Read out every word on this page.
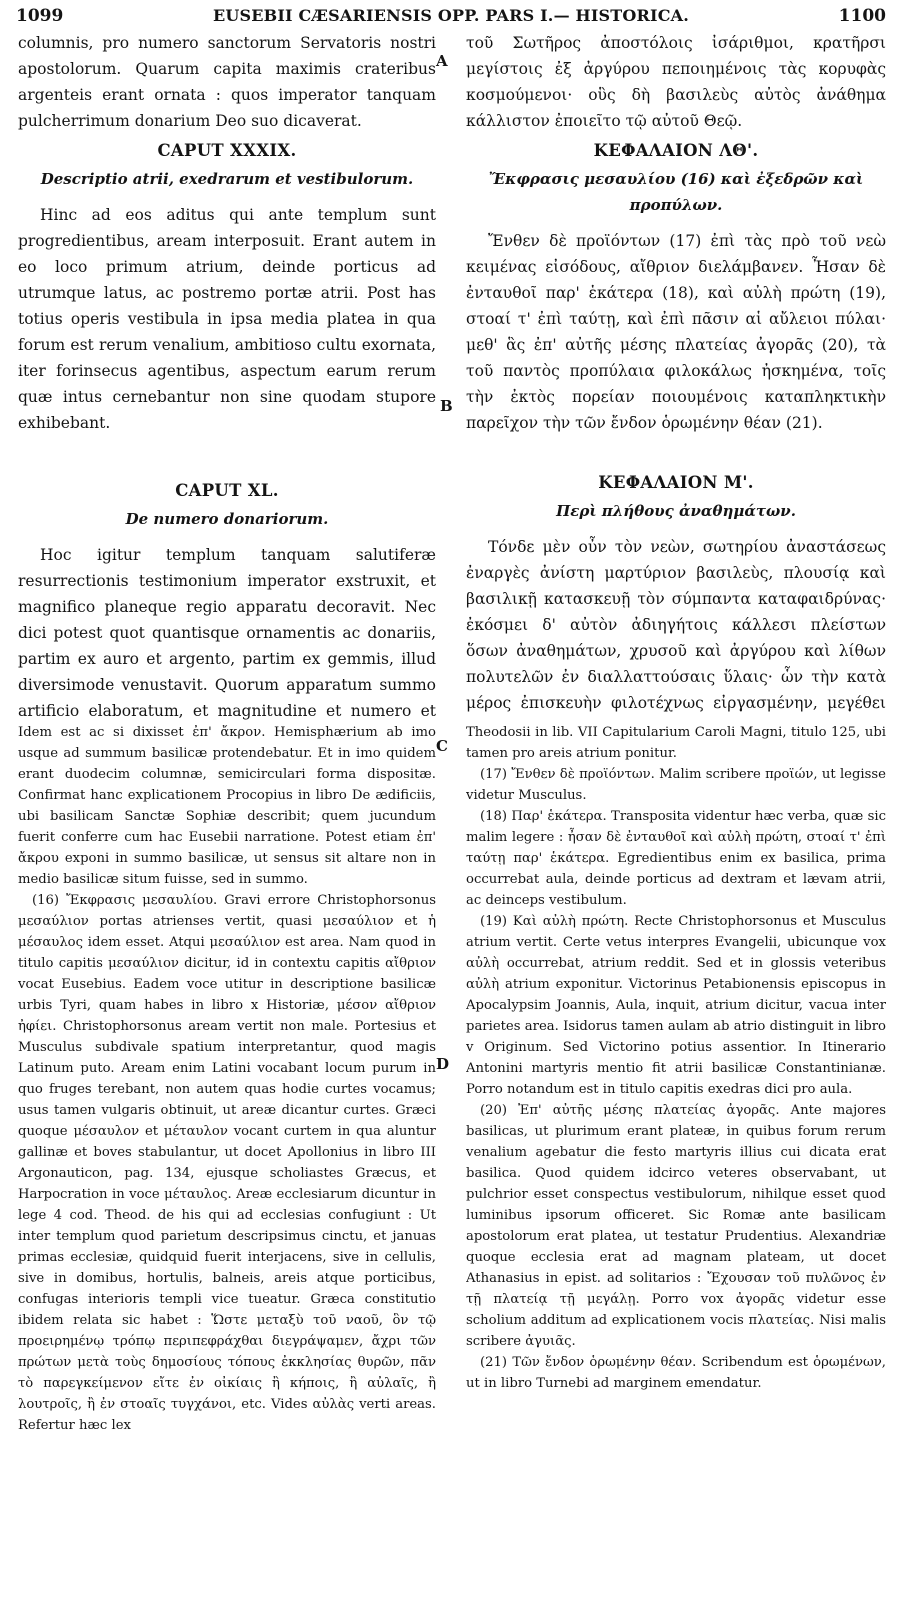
1099	EUSEBII CÆSARIENSIS OPP. PARS I.— HISTORICA.	1100

columnis, pro numero sanctorum Servatoris nostri apostolorum. Quarum capita maximis crateribus argenteis erant ornata : quos imperator tanquam pulcherrimum donarium Deo suo dicaverat.

CAPUT XXXIX.
Descriptio atrii, exedrarum et vestibulorum.

Hinc ad eos aditus qui ante templum sunt progredientibus, aream interposuit. Erant autem in eo loco primum atrium, deinde porticus ad utrumque latus, ac postremo portæ atrii. Post has totius operis vestibula in ipsa media platea in qua forum est rerum venalium, ambitioso cultu exornata, iter forinsecus agentibus, aspectum earum rerum quæ intus cernebantur non sine quodam stupore exhibebant.

CAPUT XL.
De numero donariorum.

Hoc igitur templum tanquam salutiferæ resurrectionis testimonium imperator exstruxit, et magnifico planeque regio apparatu decoravit. Nec dici potest quot quantisque ornamentis ac donariis, partim ex auro et argento, partim ex gemmis, illud diversimode venustavit. Quorum apparatum summo artificio elaboratum, et magnitudine et numero et

τοῦ Σωτῆρος ἀποστόλοις ἰσάριθμοι, κρατῆρσι μεγίστοις ἐξ ἀργύρου πεποιημένοις τὰς κορυφὰς κοσμούμενοι· οὓς δὴ βασιλεὺς αὐτὸς ἀνάθημα κάλλιστον ἐποιεῖτο τῷ αὐτοῦ Θεῷ.

ΚΕΦΑΛΑΙΟΝ ΛΘ'.
Ἔκφρασις μεσαυλίου (16) καὶ ἐξεδρῶν καὶ προπύλων.

Ἔνθεν δὲ προϊόντων (17) ἐπὶ τὰς πρὸ τοῦ νεὼ κειμένας εἰσόδους, αἴθριον διελάμβανεν. Ἦσαν δὲ ἐνταυθοῖ παρ' ἑκάτερα (18), καὶ αὐλὴ πρώτη (19), στοαί τ' ἐπὶ ταύτῃ, καὶ ἐπὶ πᾶσιν αἱ αὔλειοι πύλαι· μεθ' ἃς ἐπ' αὐτῆς μέσης πλατείας ἀγορᾶς (20), τὰ τοῦ παντὸς προπύλαια φιλοκάλως ἠσκημένα, τοῖς τὴν ἐκτὸς πορείαν ποιουμένοις καταπληκτικὴν παρεῖχον τὴν τῶν ἔνδον ὁρωμένην θέαν (21).

ΚΕΦΑΛΑΙΟΝ Μ'.
Περὶ πλήθους ἀναθημάτων.

Τόνδε μὲν οὖν τὸν νεὼν, σωτηρίου ἀναστάσεως ἐναργὲς ἀνίστη μαρτύριον βασιλεὺς, πλουσίᾳ καὶ βασιλικῇ κατασκευῇ τὸν σύμπαντα καταφαιδρύνας· ἐκόσμει δ' αὐτὸν ἀδιηγήτοις κάλλεσι πλείστων ὅσων ἀναθημάτων, χρυσοῦ καὶ ἀργύρου καὶ λίθων πολυτελῶν ἐν διαλλαττούσαις ὕλαις· ὧν τὴν κατὰ μέρος ἐπισκευὴν φιλοτέχνως εἰργασμένην, μεγέθει

A
B
C
D

Idem est ac si dixisset ἐπ' ἄκρον. Hemisphærium ab imo usque ad summum basilicæ protendebatur. Et in imo quidem erant duodecim columnæ, semicirculari forma dispositæ. Confirmat hanc explicationem Procopius in libro De ædificiis, ubi basilicam Sanctæ Sophiæ describit; quem jucundum fuerit conferre cum hac Eusebii narratione. Potest etiam ἐπ' ἄκρου exponi in summo basilicæ, ut sensus sit altare non in medio basilicæ situm fuisse, sed in summo.

(16) Ἔκφρασις μεσαυλίου. Gravi errore Christophorsonus μεσαύλιον portas atrienses vertit, quasi μεσαύλιον et ἡ μέσαυλος idem esset. Atqui μεσαύλιον est area. Nam quod in titulo capitis μεσαύλιον dicitur, id in contextu capitis αἴθριον vocat Eusebius. Eadem voce utitur in descriptione basilicæ urbis Tyri, quam habes in libro x Historiæ, μέσον αἴθριον ἠφίει. Christophorsonus aream vertit non male. Portesius et Musculus subdivale spatium interpretantur, quod magis Latinum puto. Aream enim Latini vocabant locum purum in quo fruges terebant, non autem quas hodie curtes vocamus; usus tamen vulgaris obtinuit, ut areæ dicantur curtes. Græci quoque μέσαυλον et μέταυλον vocant curtem in qua aluntur gallinæ et boves stabulantur, ut docet Apollonius in libro III Argonauticon, pag. 134, ejusque scholiastes Græcus, et Harpocration in voce μέταυλος. Areæ ecclesiarum dicuntur in lege 4 cod. Theod. de his qui ad ecclesias confugiunt : Ut inter templum quod parietum descripsimus cinctu, et januas primas ecclesiæ, quidquid fuerit interjacens, sive in cellulis, sive in domibus, hortulis, balneis, areis atque porticibus, confugas interioris templi vice tueatur. Græca constitutio ibidem relata sic habet : Ὥστε μεταξὺ τοῦ ναοῦ, ὃν τῷ προειρημένῳ τρόπῳ περιπεφράχθαι διεγράψαμεν, ἄχρι τῶν πρώτων μετὰ τοὺς δημοσίους τόπους ἐκκλησίας θυρῶν, πᾶν τὸ παρεγκείμενον εἴτε ἐν οἰκίαις ἢ κήποις, ἢ αὐλαῖς, ἢ λουτροῖς, ἢ ἐν στοαῖς τυγχάνοι, etc. Vides αὐλὰς verti areas. Refertur hæc lex

Theodosii in lib. VII Capitularium Caroli Magni, titulo 125, ubi tamen pro areis atrium ponitur.

(17) Ἔνθεν δὲ προϊόντων. Malim scribere προϊών, ut legisse videtur Musculus.

(18) Παρ' ἑκάτερα. Transposita videntur hæc verba, quæ sic malim legere : ἦσαν δὲ ἐνταυθοῖ καὶ αὐλὴ πρώτη, στοαί τ' ἐπὶ ταύτῃ παρ' ἑκάτερα. Egredientibus enim ex basilica, prima occurrebat aula, deinde porticus ad dextram et lævam atrii, ac deinceps vestibulum.

(19) Καὶ αὐλὴ πρώτη. Recte Christophorsonus et Musculus atrium vertit. Certe vetus interpres Evangelii, ubicunque vox αὐλὴ occurrebat, atrium reddit. Sed et in glossis veteribus αὐλὴ atrium exponitur. Victorinus Petabionensis episcopus in Apocalypsim Joannis, Aula, inquit, atrium dicitur, vacua inter parietes area. Isidorus tamen aulam ab atrio distinguit in libro v Originum. Sed Victorino potius assentior. In Itinerario Antonini martyris mentio fit atrii basilicæ Constantinianæ. Porro notandum est in titulo capitis exedras dici pro aula.

(20) Ἐπ' αὐτῆς μέσης πλατείας ἀγορᾶς. Ante majores basilicas, ut plurimum erant plateæ, in quibus forum rerum venalium agebatur die festo martyris illius cui dicata erat basilica. Quod quidem idcirco veteres observabant, ut pulchrior esset conspectus vestibulorum, nihilque esset quod luminibus ipsorum officeret. Sic Romæ ante basilicam apostolorum erat platea, ut testatur Prudentius. Alexandriæ quoque ecclesia erat ad magnam plateam, ut docet Athanasius in epist. ad solitarios : Ἔχουσαν τοῦ πυλῶνος ἐν τῇ πλατείᾳ τῇ μεγάλῃ. Porro vox ἀγορᾶς videtur esse scholium additum ad explicationem vocis πλατείας. Nisi malis scribere ἀγυιᾶς.

(21) Τῶν ἔνδον ὁρωμένην θέαν. Scribendum est ὁρωμένων, ut in libro Turnebi ad marginem emendatur.
